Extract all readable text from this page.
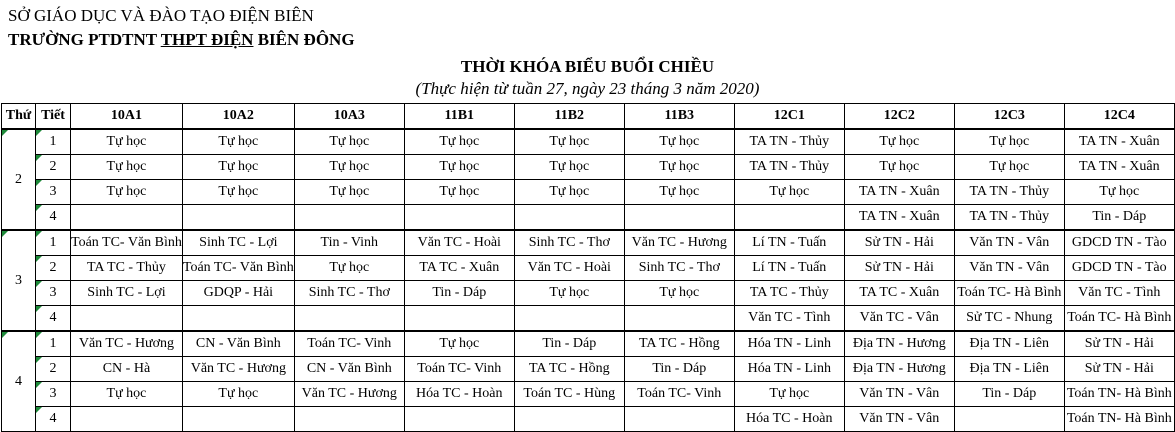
SỞ GIÁO DỤC VÀ ĐÀO TẠO ĐIỆN BIÊN
TRƯỜNG PTDTNT THPT ĐIỆN BIÊN ĐÔNG
THỜI KHÓA BIỂU BUỔI CHIỀU
(Thực hiện từ tuần 27, ngày 23 tháng 3 năm 2020)
Thứ	Tiết	10A1	10A2	10A3	11B1	11B2	11B3	12C1	12C2	12C3	12C4

2	1	Tự học	Tự học	Tự học	Tự học	Tự học	Tự học	TA TN - Thủy	Tự học	Tự học	TA TN - Xuân

2	Tự học	Tự học	Tự học	Tự học	Tự học	Tự học	TA TN - Thủy	Tự học	Tự học	TA TN - Xuân

3	Tự học	Tự học	Tự học	Tự học	Tự học	Tự học	Tự học	TA TN - Xuân	TA TN - Thủy	Tự học

4								TA TN - Xuân	TA TN - Thủy	Tin - Dáp

3	1	Toán TC- Văn Bình	Sinh TC - Lợi	Tin - Vinh	Văn TC - Hoài	Sinh TC - Thơ	Văn TC - Hương	Lí TN - Tuấn	Sử TN - Hải	Văn TN - Vân	GDCD TN - Tào

2	TA TC - Thủy	Toán TC- Văn Bình	Tự học	TA TC - Xuân	Văn TC - Hoài	Sinh TC - Thơ	Lí TN - Tuấn	Sử TN - Hải	Văn TN - Vân	GDCD TN - Tào

3	Sinh TC - Lợi	GDQP - Hải	Sinh TC - Thơ	Tin - Dáp	Tự học	Tự học	TA TC - Thủy	TA TC - Xuân	Toán TC- Hà Bình	Văn TC - Tình

4							Văn TC - Tình	Văn TC - Vân	Sử TC - Nhung	Toán TC- Hà Bình

4	1	Văn TC - Hương	CN - Văn Bình	Toán TC- Vinh	Tự học	Tin - Dáp	TA TC - Hồng	Hóa TN - Linh	Địa TN - Hương	Địa TN - Liên	Sử TN - Hải

2	CN - Hà	Văn TC - Hương	CN - Văn Bình	Toán TC- Vinh	TA TC - Hồng	Tin - Dáp	Hóa TN - Linh	Địa TN - Hương	Địa TN - Liên	Sử TN - Hải

3	Tự học	Tự học	Văn TC - Hương	Hóa TC - Hoàn	Toán TC - Hùng	Toán TC- Vinh	Tự học	Văn TN - Vân	Tin - Dáp	Toán TN- Hà Bình

4							Hóa TC - Hoàn	Văn TN - Vân		Toán TN- Hà Bình
